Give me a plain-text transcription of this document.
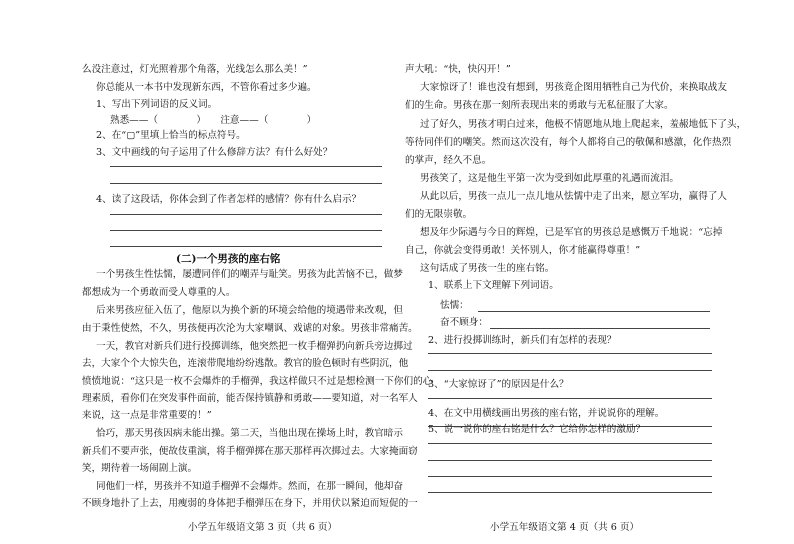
么没注意过，灯光照着那个角落，光线怎么那么美！”
你总能从一本书中发现新东西，不管你看过多少遍。
1、写出下列词语的反义词。
熟悉——（　　　　）　　注意——（　　　　）
2、在“▢”里填上恰当的标点符号。
3、文中画线的句子运用了什么修辞方法？有什么好处？
4、读了这段话，你体会到了作者怎样的感情？你有什么启示？
(二)一个男孩的座右铭
一个男孩生性怯懦，屡遭同伴们的嘲弄与耻笑。男孩为此苦恼不已，做梦
都想成为一个勇敢而受人尊重的人。
后来男孩应征入伍了，他原以为换个新的环境会给他的境遇带来改观，但
由于秉性使然，不久，男孩便再次沦为大家嘲讽、戏谑的对象。男孩非常痛苦。
一天，教官对新兵们进行投掷训练，他突然把一枚手榴弹扔向新兵旁边掷过
去，大家个个大惊失色，连滚带爬地纷纷逃散。教官的脸色顿时有些阴沉，他
愤愤地说：“这只是一枚不会爆炸的手榴弹，我这样做只不过是想检测一下你们的心
理素质，看你们在突发事件面前，能否保持镇静和勇敢——要知道，对一名军人
来说，这一点是非常重要的！”
恰巧，那天男孩因病未能出操。第二天，当他出现在操场上时，教官暗示
新兵们不要声张，便故伎重演，将手榴弹掷在那天那样再次掷过去。大家掩面窃
笑，期待着一场闹剧上演。
同他们一样，男孩并不知道手榴弹不会爆炸。然而，在那一瞬间，他却奋
不顾身地扑了上去，用瘦弱的身体把手榴弹压在身下，并用伏以紧迫而短促的一
小学五年级语文第 3 页（共 6 页）
声大吼：“快，快闪开！”
大家惊讶了！谁也没有想到，男孩竟企图用牺牲自己为代价，来换取战友
们的生命。男孩在那一刻所表现出来的勇敢与无私征服了大家。
过了好久，男孩才明白过来，他极不情愿地从地上爬起来，羞赧地低下了头，
等待同伴们的嘲笑。然而这次没有，每个人都将自己的敬佩和感激，化作热烈
的掌声，经久不息。
男孩笑了，这是他生平第一次为受到如此厚重的礼遇而流泪。
从此以后，男孩一点儿一点儿地从怯懦中走了出来，愿立军功，赢得了人
们的无限崇敬。
想及年少际遇与今日的辉煌，已是军官的男孩总是感慨万千地说：“忘掉
自己，你就会变得勇敢！关怀别人，你才能赢得尊重！”
这句话成了男孩一生的座右铭。
1、联系上下文理解下列词语。
怯懦：
奋不顾身：
2、进行投掷训练时，新兵们有怎样的表现？
3、“大家惊讶了”的原因是什么？
4、在文中用横线画出男孩的座右铭，并说说你的理解。
5、说一说你的座右铭是什么？它给你怎样的激励？
小学五年级语文第 4 页（共 6 页）
